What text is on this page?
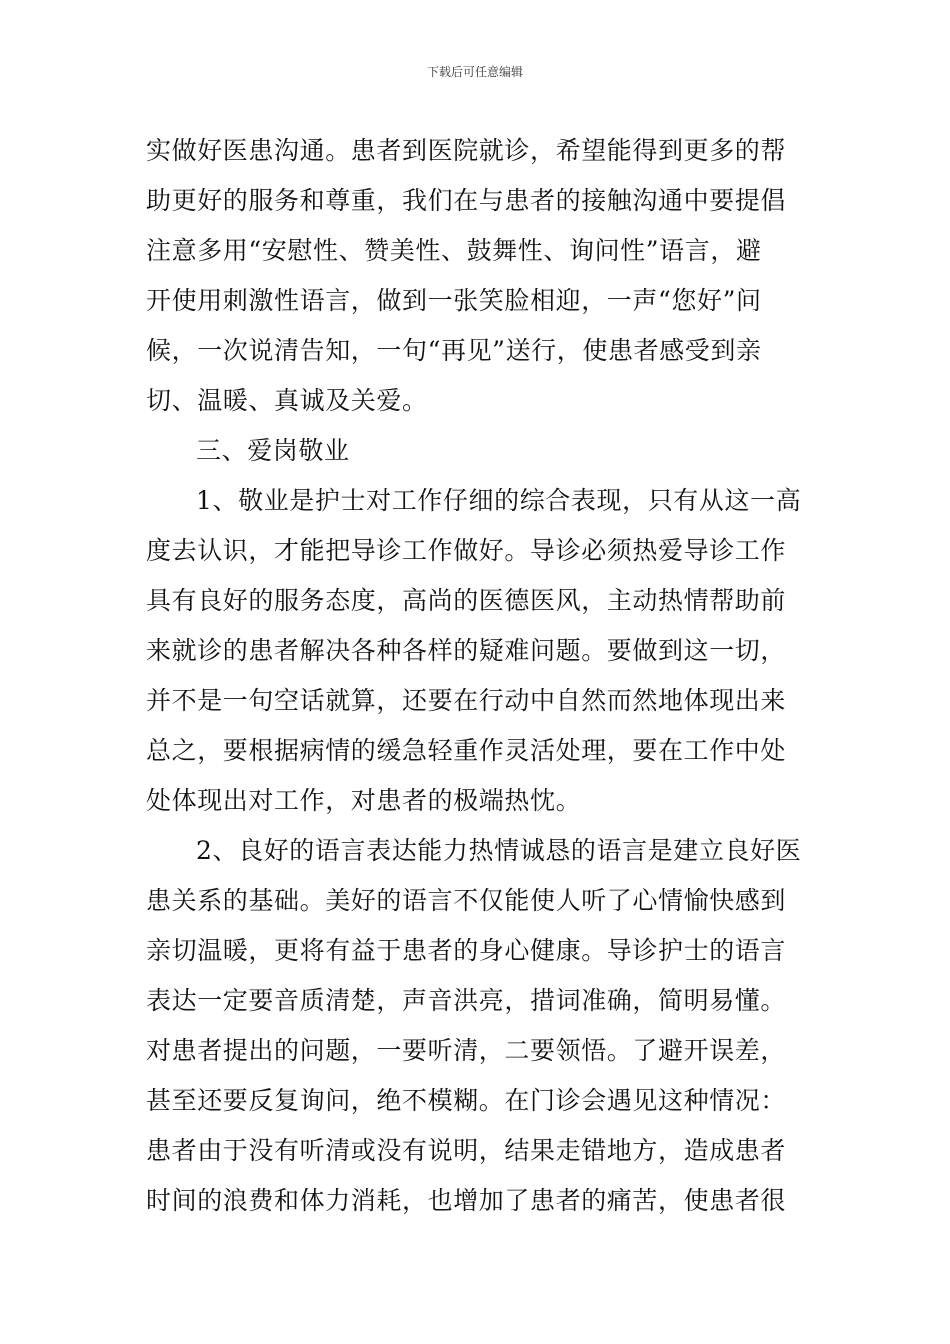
下载后可任意编辑
实做好医患沟通。患者到医院就诊，希望能得到更多的帮
助更好的服务和尊重，我们在与患者的接触沟通中要提倡
注意多用“安慰性、赞美性、鼓舞性、询问性”语言，避
开使用刺激性语言，做到一张笑脸相迎，一声“您好”问
候，一次说清告知，一句“再见”送行，使患者感受到亲
切、温暖、真诚及关爱。
三、爱岗敬业
1、敬业是护士对工作仔细的综合表现，只有从这一高
度去认识，才能把导诊工作做好。导诊必须热爱导诊工作
具有良好的服务态度，高尚的医德医风，主动热情帮助前
来就诊的患者解决各种各样的疑难问题。要做到这一切，
并不是一句空话就算，还要在行动中自然而然地体现出来
总之，要根据病情的缓急轻重作灵活处理，要在工作中处
处体现出对工作，对患者的极端热忱。
2、良好的语言表达能力热情诚恳的语言是建立良好医
患关系的基础。美好的语言不仅能使人听了心情愉快感到
亲切温暖，更将有益于患者的身心健康。导诊护士的语言
表达一定要音质清楚，声音洪亮，措词准确，简明易懂。
对患者提出的问题，一要听清，二要领悟。了避开误差，
甚至还要反复询问，绝不模糊。在门诊会遇见这种情况：
患者由于没有听清或没有说明，结果走错地方，造成患者
时间的浪费和体力消耗，也增加了患者的痛苦，使患者很
